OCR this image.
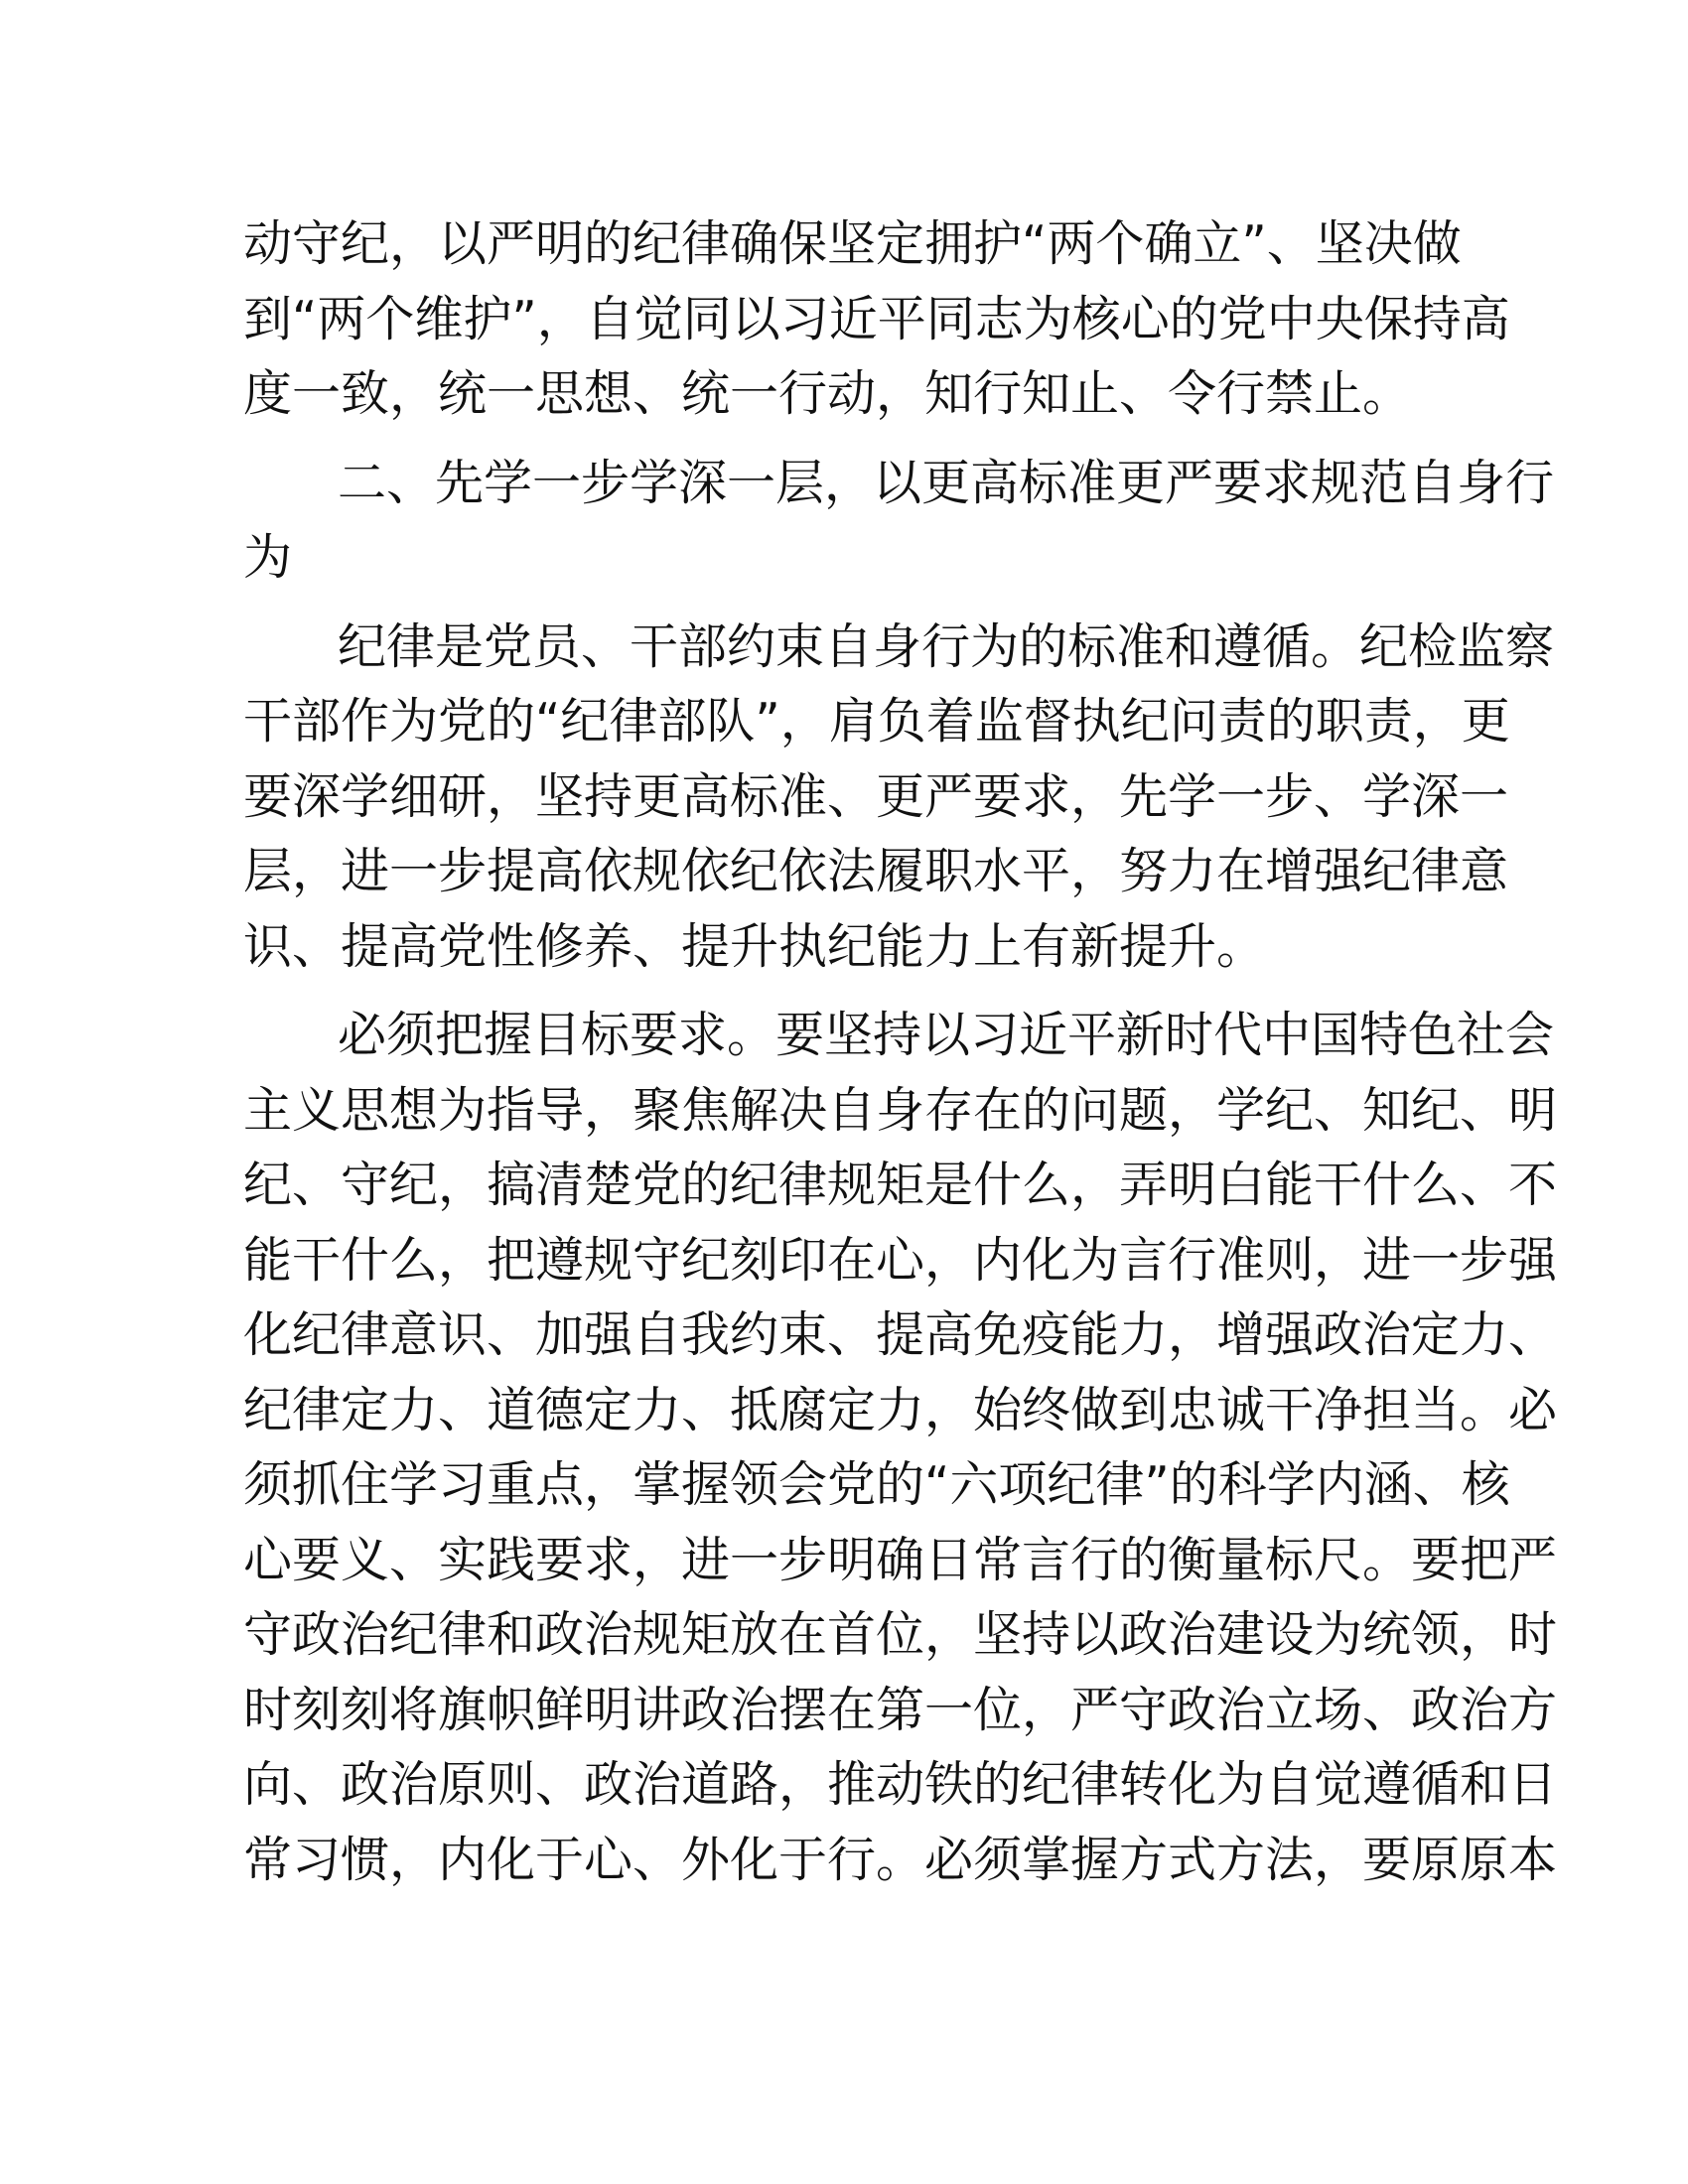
动守纪，以严明的纪律确保坚定拥护“两个确立”、坚决做
到“两个维护”，自觉同以习近平同志为核心的党中央保持高
度一致，统一思想、统一行动，知行知止、令行禁止。
二、先学一步学深一层，以更高标准更严要求规范自身行
为
纪律是党员、干部约束自身行为的标准和遵循。纪检监察
干部作为党的“纪律部队”，肩负着监督执纪问责的职责，更
要深学细研，坚持更高标准、更严要求，先学一步、学深一
层，进一步提高依规依纪依法履职水平，努力在增强纪律意
识、提高党性修养、提升执纪能力上有新提升。
必须把握目标要求。要坚持以习近平新时代中国特色社会
主义思想为指导，聚焦解决自身存在的问题，学纪、知纪、明
纪、守纪，搞清楚党的纪律规矩是什么，弄明白能干什么、不
能干什么，把遵规守纪刻印在心，内化为言行准则，进一步强
化纪律意识、加强自我约束、提高免疫能力，增强政治定力、
纪律定力、道德定力、抵腐定力，始终做到忠诚干净担当。必
须抓住学习重点，掌握领会党的“六项纪律”的科学内涵、核
心要义、实践要求，进一步明确日常言行的衡量标尺。要把严
守政治纪律和政治规矩放在首位，坚持以政治建设为统领，时
时刻刻将旗帜鲜明讲政治摆在第一位，严守政治立场、政治方
向、政治原则、政治道路，推动铁的纪律转化为自觉遵循和日
常习惯，内化于心、外化于行。必须掌握方式方法，要原原本
